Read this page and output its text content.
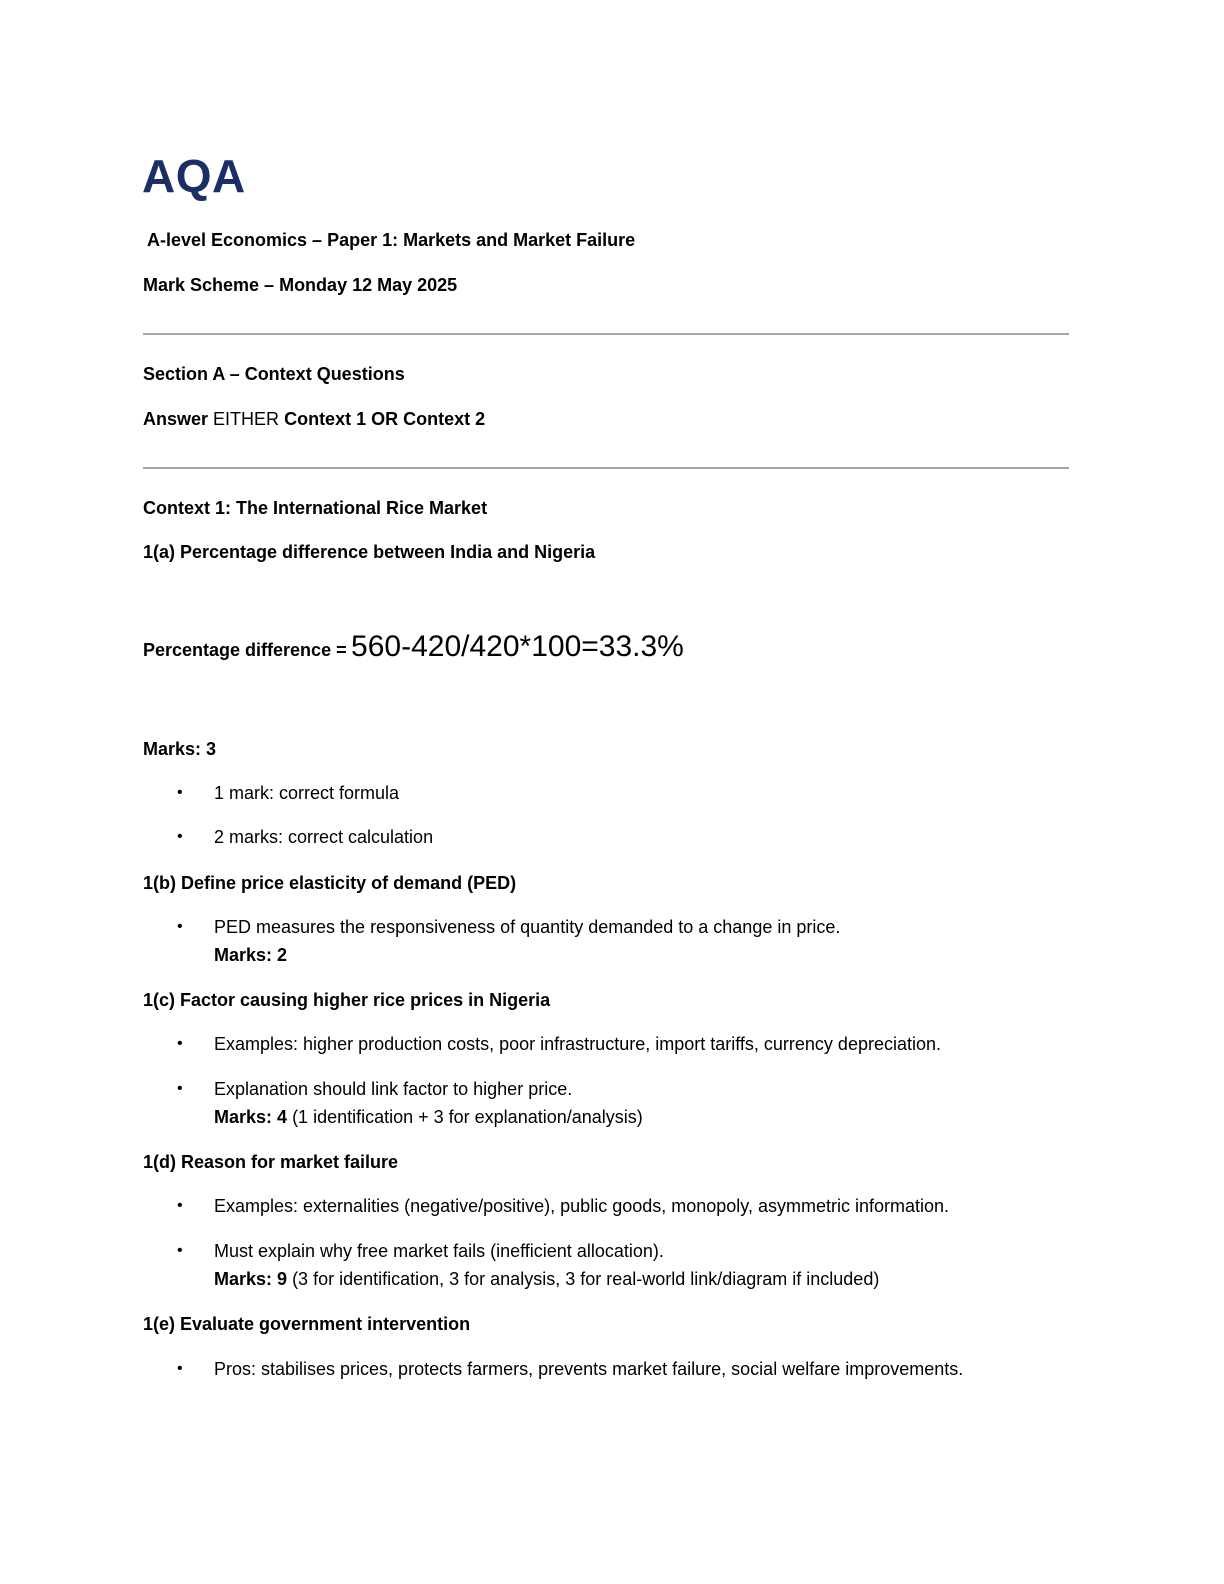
AQA
A-level Economics – Paper 1: Markets and Market Failure
Mark Scheme – Monday 12 May 2025
Section A – Context Questions
Answer EITHER Context 1 OR Context 2
Context 1: The International Rice Market
1(a) Percentage difference between India and Nigeria
Percentage difference = 560-420/420*100=33.3%
Marks: 3
• 1 mark: correct formula
• 2 marks: correct calculation
1(b) Define price elasticity of demand (PED)
• PED measures the responsiveness of quantity demanded to a change in price.
Marks: 2
1(c) Factor causing higher rice prices in Nigeria
• Examples: higher production costs, poor infrastructure, import tariffs, currency depreciation.
• Explanation should link factor to higher price.
Marks: 4 (1 identification + 3 for explanation/analysis)
1(d) Reason for market failure
• Examples: externalities (negative/positive), public goods, monopoly, asymmetric information.
• Must explain why free market fails (inefficient allocation).
Marks: 9 (3 for identification, 3 for analysis, 3 for real-world link/diagram if included)
1(e) Evaluate government intervention
• Pros: stabilises prices, protects farmers, prevents market failure, social welfare improvements.
